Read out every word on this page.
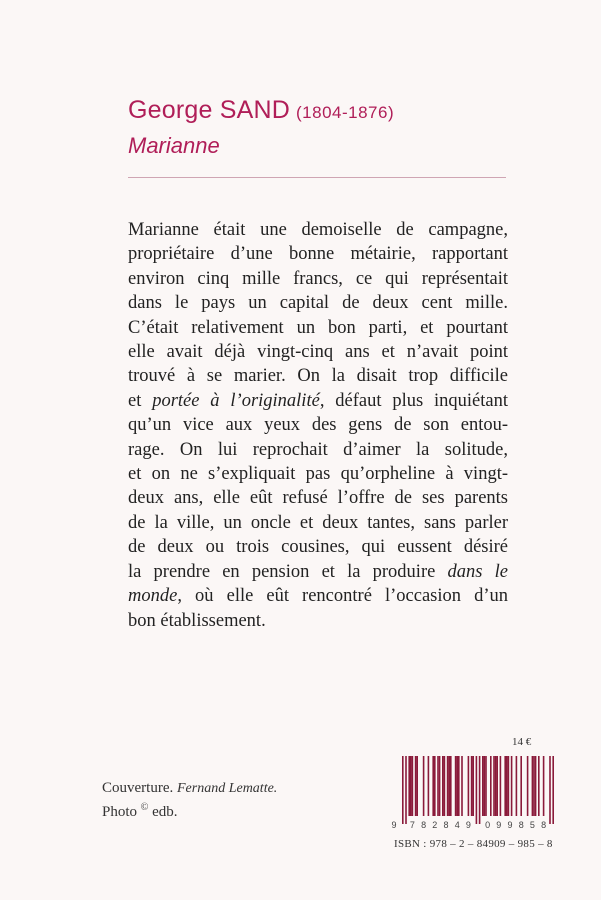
George SAND (1804-1876)
Marianne

Marianne était une demoiselle de campagne,

propriétaire d’une bonne métairie, rapportant

environ cinq mille francs, ce qui représentait

dans le pays un capital de deux cent mille.

C’était relativement un bon parti, et pourtant

elle avait déjà vingt-cinq ans et n’avait point

trouvé à se marier. On la disait trop difficile

et portée à l’originalité, défaut plus inquiétant

qu’un vice aux yeux des gens de son entou-

rage. On lui reprochait d’aimer la solitude,

et on ne s’expliquait pas qu’orpheline à vingt-

deux ans, elle eût refusé l’offre de ses parents

de la ville, un oncle et deux tantes, sans parler

de deux ou trois cousines, qui eussent désiré

la prendre en pension et la produire dans le

monde, où elle eût rencontré l’occasion d’un

bon établissement.

14 €
Couverture. Fernand Lematte.
Photo © edb.
9 7 8 2 8 4 9 0 9 9 8 5 8
ISBN : 978 – 2 – 84909 – 985 – 8
